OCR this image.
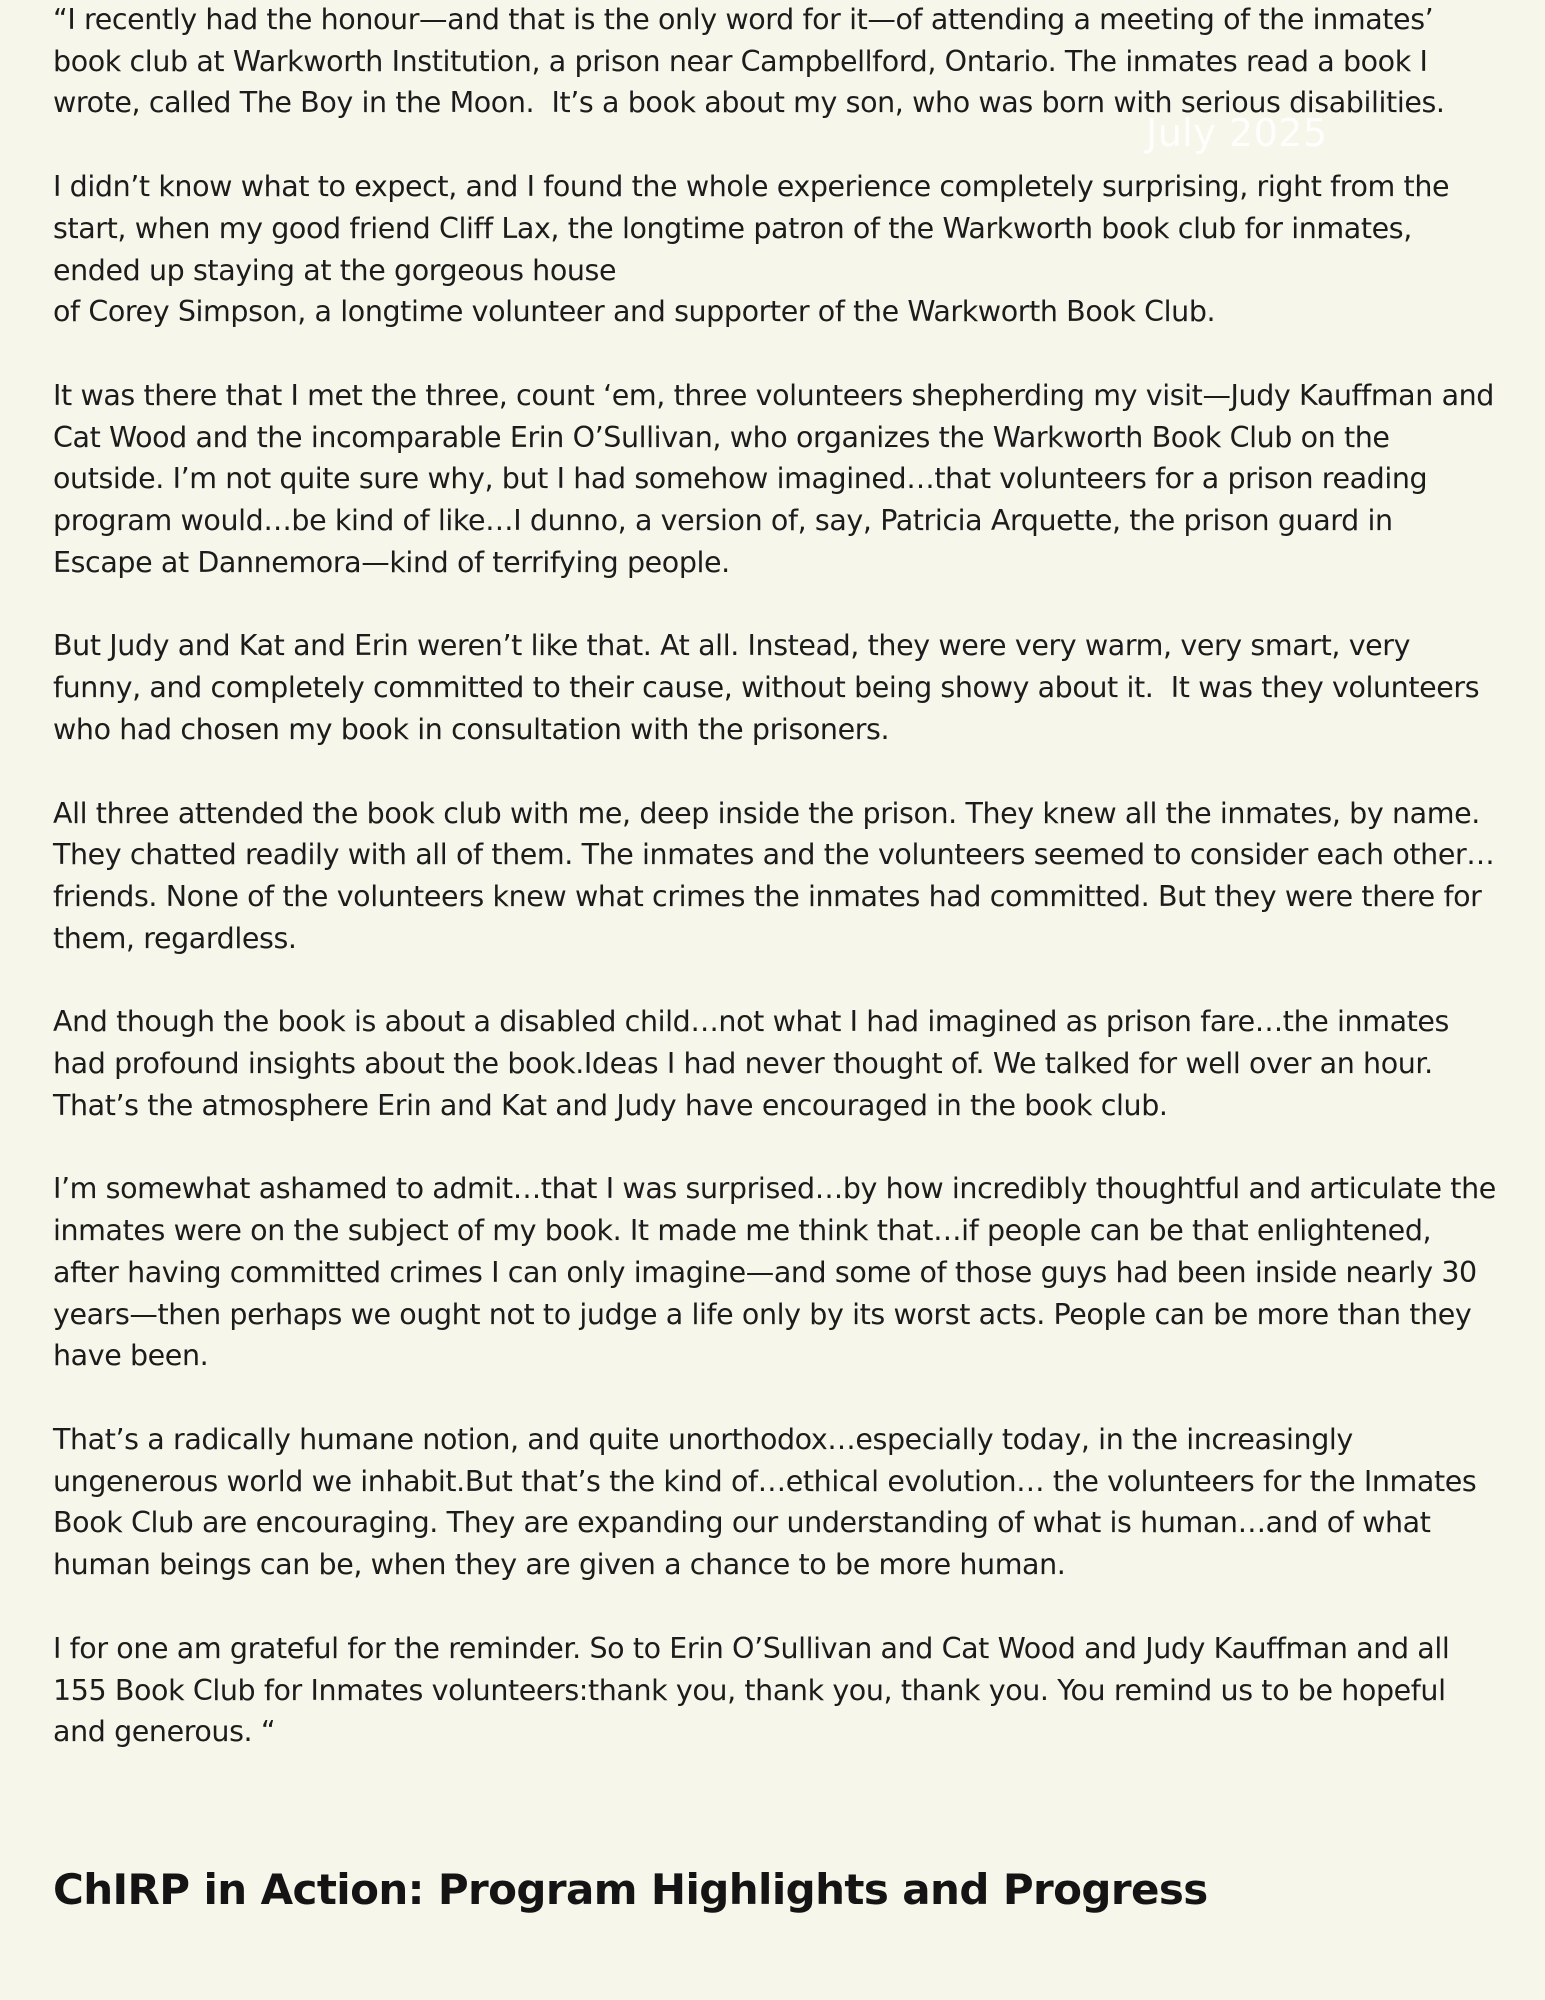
“I recently had the honour—and that is the only word for it—of attending a meeting of the inmates’ book club at Warkworth Institution, a prison near Campbellford, Ontario. The inmates read a book I wrote, called The Boy in the Moon.  It’s a book about my son, who was born with serious disabilities.

I didn’t know what to expect, and I found the whole experience completely surprising, right from the start, when my good friend Cliff Lax, the longtime patron of the Warkworth book club for inmates, ended up staying at the gorgeous house
of Corey Simpson, a longtime volunteer and supporter of the Warkworth Book Club.

It was there that I met the three, count ‘em, three volunteers shepherding my visit—Judy Kauffman and Cat Wood and the incomparable Erin O’Sullivan, who organizes the Warkworth Book Club on the outside. I’m not quite sure why, but I had somehow imagined…that volunteers for a prison reading program would…be kind of like…I dunno, a version of, say, Patricia Arquette, the prison guard in Escape at Dannemora—kind of terrifying people.

But Judy and Kat and Erin weren’t like that. At all. Instead, they were very warm, very smart, very funny, and completely committed to their cause, without being showy about it.  It was they volunteers who had chosen my book in consultation with the prisoners.

All three attended the book club with me, deep inside the prison. They knew all the inmates, by name. They chatted readily with all of them. The inmates and the volunteers seemed to consider each other…friends. None of the volunteers knew what crimes the inmates had committed. But they were there for them, regardless.

And though the book is about a disabled child…not what I had imagined as prison fare…the inmates had profound insights about the book.Ideas I had never thought of. We talked for well over an hour. That’s the atmosphere Erin and Kat and Judy have encouraged in the book club.

I’m somewhat ashamed to admit…that I was surprised…by how incredibly thoughtful and articulate the inmates were on the subject of my book. It made me think that…if people can be that enlightened, after having committed crimes I can only imagine—and some of those guys had been inside nearly 30 years—then perhaps we ought not to judge a life only by its worst acts. People can be more than they have been.

That’s a radically humane notion, and quite unorthodox…especially today, in the increasingly ungenerous world we inhabit.But that’s the kind of…ethical evolution… the volunteers for the Inmates Book Club are encouraging. They are expanding our understanding of what is human…and of what human beings can be, when they are given a chance to be more human.

I for one am grateful for the reminder. So to Erin O’Sullivan and Cat Wood and Judy Kauffman and all 155 Book Club for Inmates volunteers:thank you, thank you, thank you. You remind us to be hopeful and generous. “

July 2025
ChIRP in Action: Program Highlights and Progress
